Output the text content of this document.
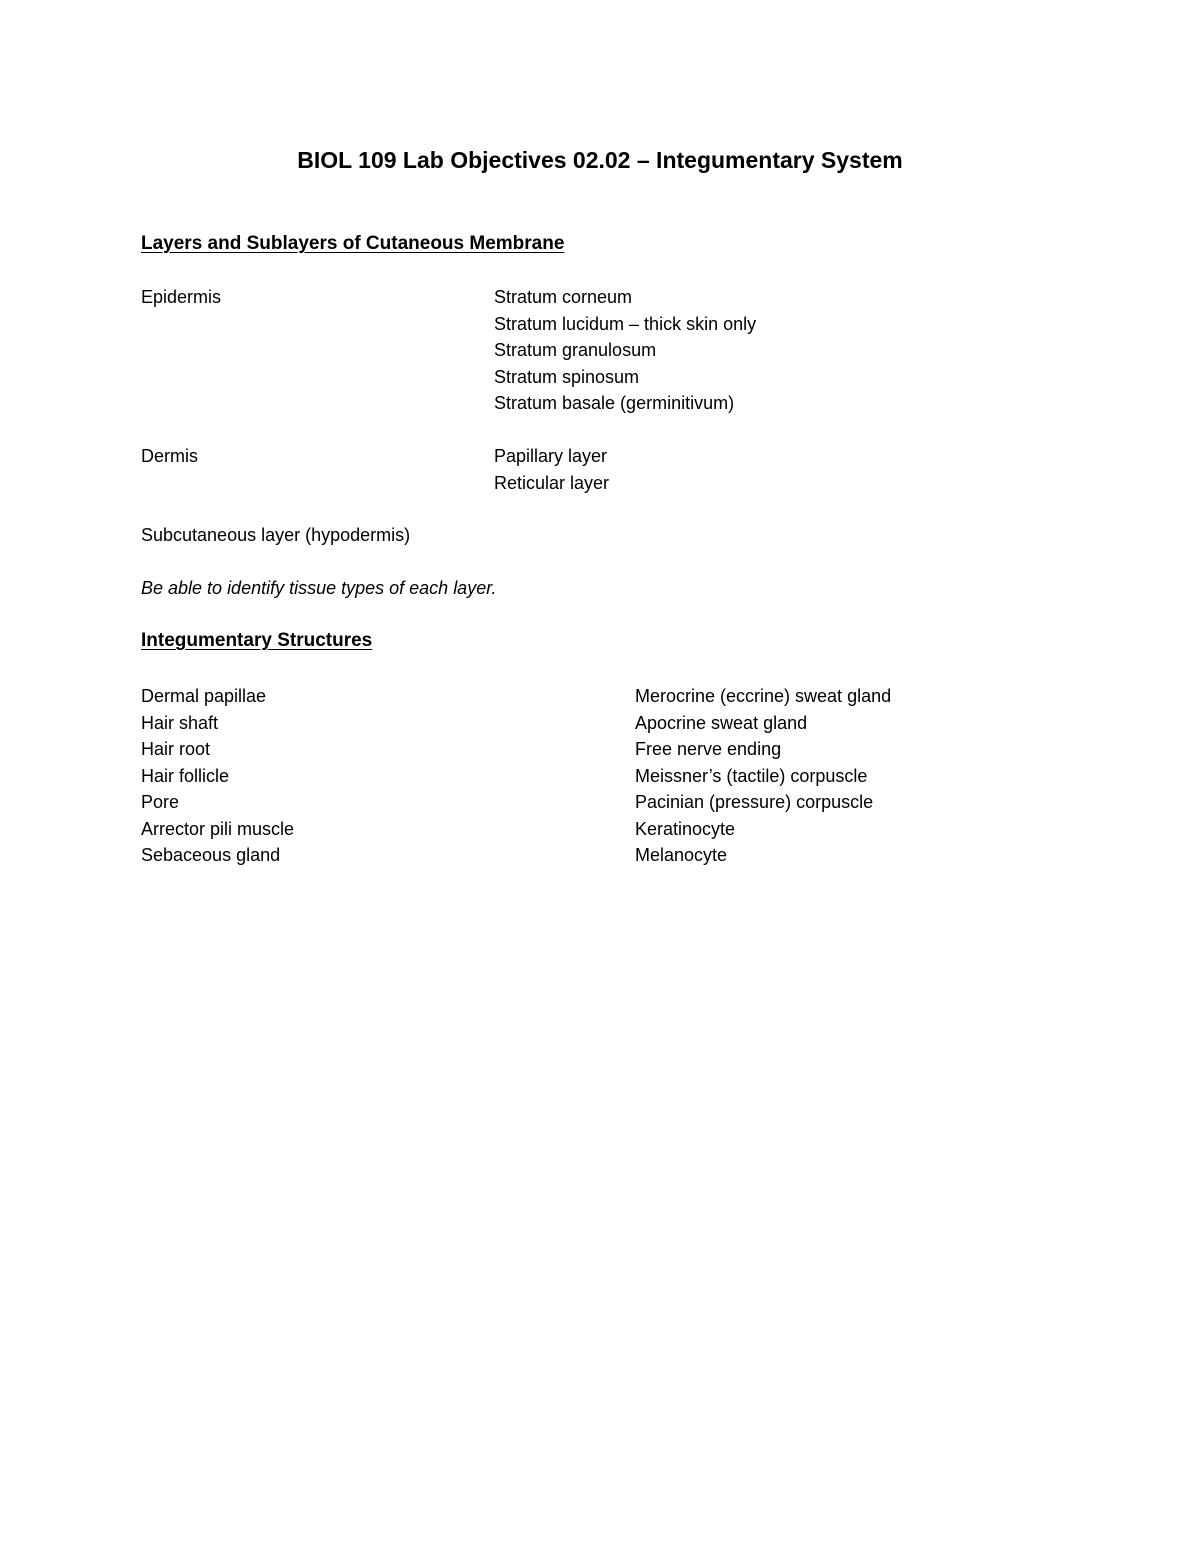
BIOL 109 Lab Objectives 02.02 – Integumentary System
Layers and Sublayers of Cutaneous Membrane
Epidermis	Stratum corneum
Stratum lucidum – thick skin only
Stratum granulosum
Stratum spinosum
Stratum basale (germinitivum)
Dermis	Papillary layer
Reticular layer
Subcutaneous layer (hypodermis)
Be able to identify tissue types of each layer.
Integumentary Structures
Dermal papillae
Hair shaft
Hair root
Hair follicle
Pore
Arrector pili muscle
Sebaceous gland
Merocrine (eccrine) sweat gland
Apocrine sweat gland
Free nerve ending
Meissner’s (tactile) corpuscle
Pacinian (pressure) corpuscle
Keratinocyte
Melanocyte
